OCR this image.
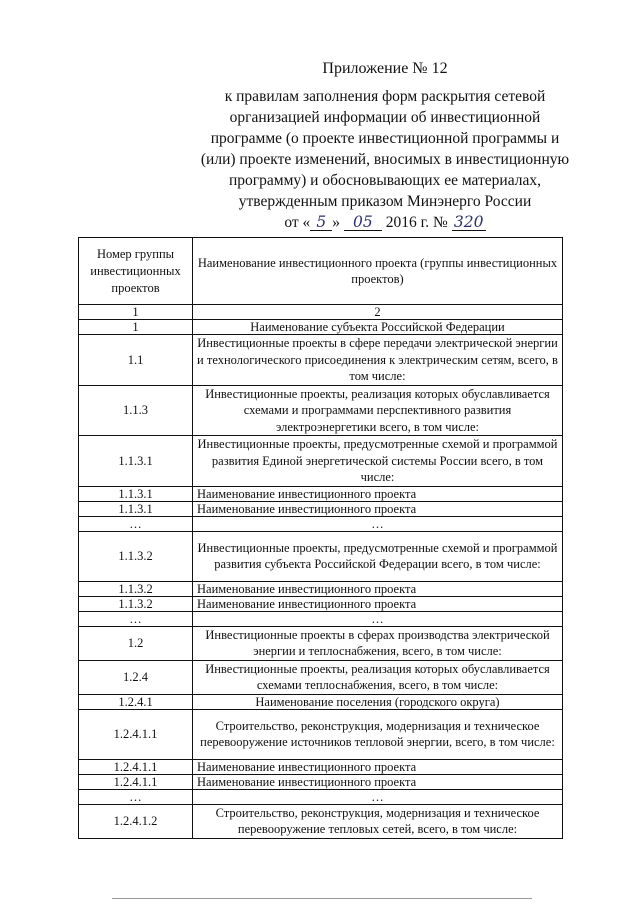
Приложение № 12
к правилам заполнения форм раскрытия сетевой
организацией информации об инвестиционной
программе (о проекте инвестиционной программы и
(или) проекте изменений, вносимых в инвестиционную
программу) и обосновывающих ее материалах,
утвержденным приказом Минэнерго России
от « 5 » 05 2016 г. № 320
Номер группы инвестиционных проектов	Наименование инвестиционного проекта (группы инвестиционных проектов)
1	2
1	Наименование субъекта Российской Федерации
1.1	Инвестиционные проекты в сфере передачи электрической энергии и технологического присоединения к электрическим сетям, всего, в том числе:
1.1.3	Инвестиционные проекты, реализация которых обуславливается схемами и программами перспективного развития электроэнергетики всего, в том числе:
1.1.3.1	Инвестиционные проекты, предусмотренные схемой и программой развития Единой энергетической системы России всего, в том числе:
1.1.3.1	Наименование инвестиционного проекта
1.1.3.1	Наименование инвестиционного проекта
…	…
1.1.3.2	Инвестиционные проекты, предусмотренные схемой и программой развития субъекта Российской Федерации всего, в том числе:
1.1.3.2	Наименование инвестиционного проекта
1.1.3.2	Наименование инвестиционного проекта
…	…
1.2	Инвестиционные проекты в сферах производства электрической энергии и теплоснабжения, всего, в том числе:
1.2.4	Инвестиционные проекты, реализация которых обуславливается схемами теплоснабжения, всего, в том числе:
1.2.4.1	Наименование поселения (городского округа)
1.2.4.1.1	Строительство, реконструкция, модернизация и техническое перевооружение источников тепловой энергии, всего, в том числе:
1.2.4.1.1	Наименование инвестиционного проекта
1.2.4.1.1	Наименование инвестиционного проекта
…	…
1.2.4.1.2	Строительство, реконструкция, модернизация и техническое перевооружение тепловых сетей, всего, в том числе:
